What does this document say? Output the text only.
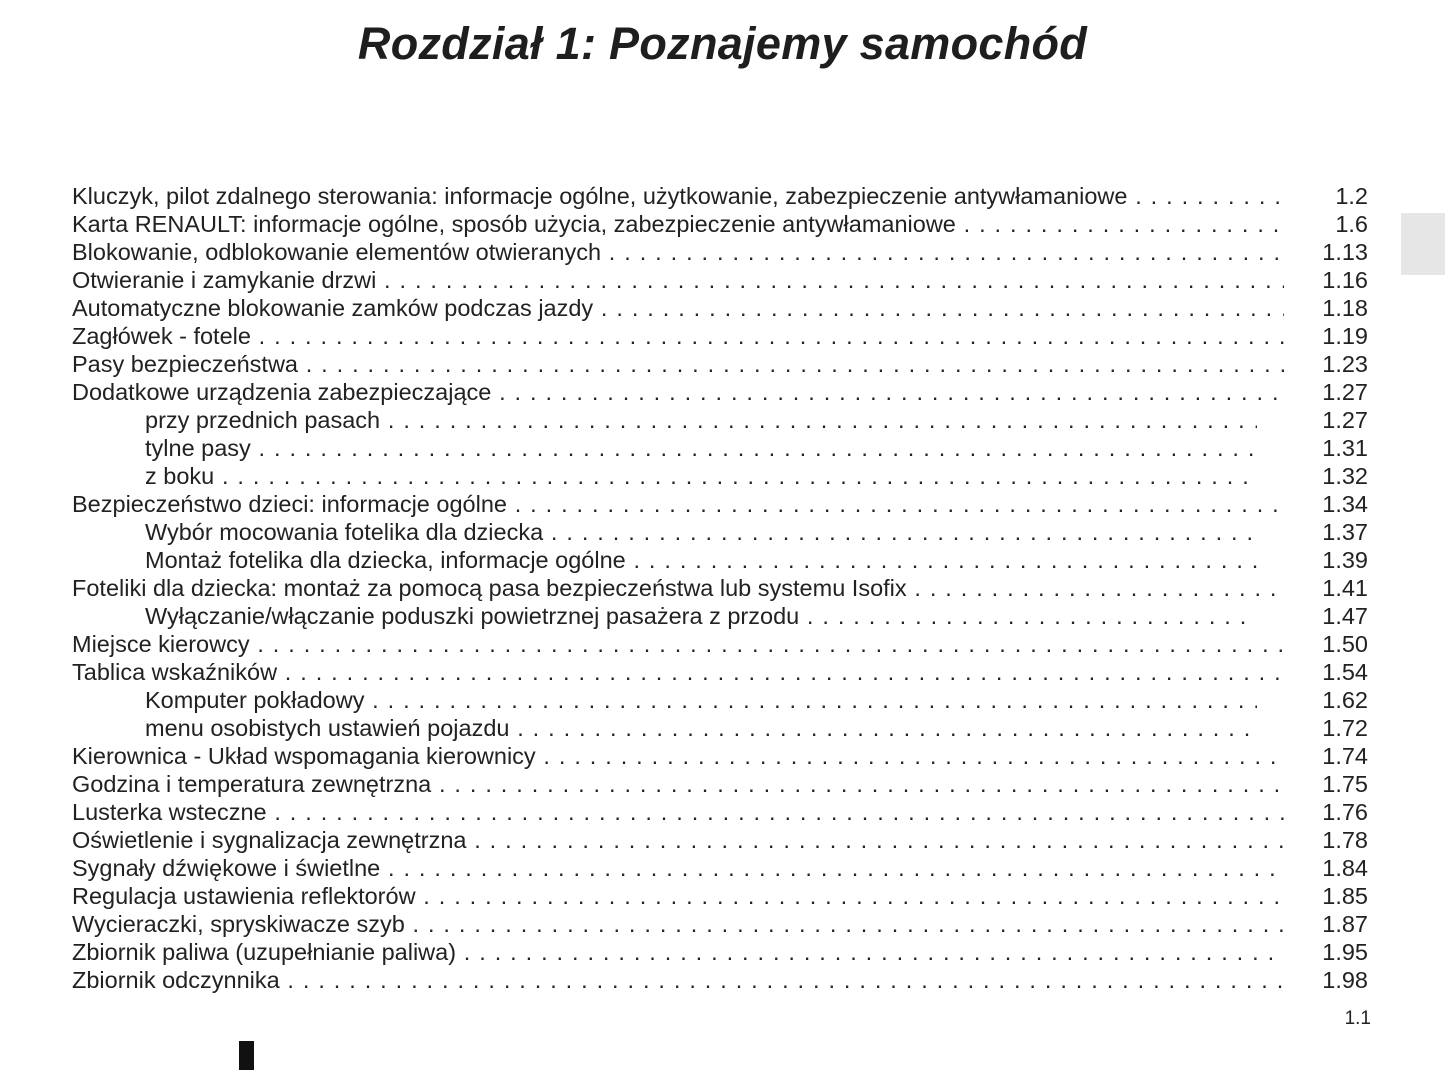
Rozdział 1: Poznajemy samochód
Kluczyk, pilot zdalnego sterowania: informacje ogólne, użytkowanie, zabezpieczenie antywłamaniowe . . .	1.2
Karta RENAULT: informacje ogólne, sposób użycia, zabezpieczenie antywłamaniowe . . .	1.6
Blokowanie, odblokowanie elementów otwieranych . . .	1.13
Otwieranie i zamykanie drzwi . . .	1.16
Automatyczne blokowanie zamków podczas jazdy . . .	1.18
Zagłówek - fotele . . .	1.19
Pasy bezpieczeństwa . . .	1.23
Dodatkowe urządzenia zabezpieczające . . .	1.27
przy przednich pasach . . .	1.27
tylne pasy . . .	1.31
z boku . . .	1.32
Bezpieczeństwo dzieci: informacje ogólne . . .	1.34
Wybór mocowania fotelika dla dziecka . . .	1.37
Montaż fotelika dla dziecka, informacje ogólne . . .	1.39
Foteliki dla dziecka: montaż za pomocą pasa bezpieczeństwa lub systemu Isofix . . .	1.41
Wyłączanie/włączanie poduszki powietrznej pasażera z przodu . . .	1.47
Miejsce kierowcy . . .	1.50
Tablica wskaźników . . .	1.54
Komputer pokładowy . . .	1.62
menu osobistych ustawień pojazdu . . .	1.72
Kierownica - Układ wspomagania kierownicy . . .	1.74
Godzina i temperatura zewnętrzna . . .	1.75
Lusterka wsteczne . . .	1.76
Oświetlenie i sygnalizacja zewnętrzna . . .	1.78
Sygnały dźwiękowe i świetlne . . .	1.84
Regulacja ustawienia reflektorów . . .	1.85
Wycieraczki, spryskiwacze szyb . . .	1.87
Zbiornik paliwa (uzupełnianie paliwa) . . .	1.95
Zbiornik odczynnika . . .	1.98
1.1
